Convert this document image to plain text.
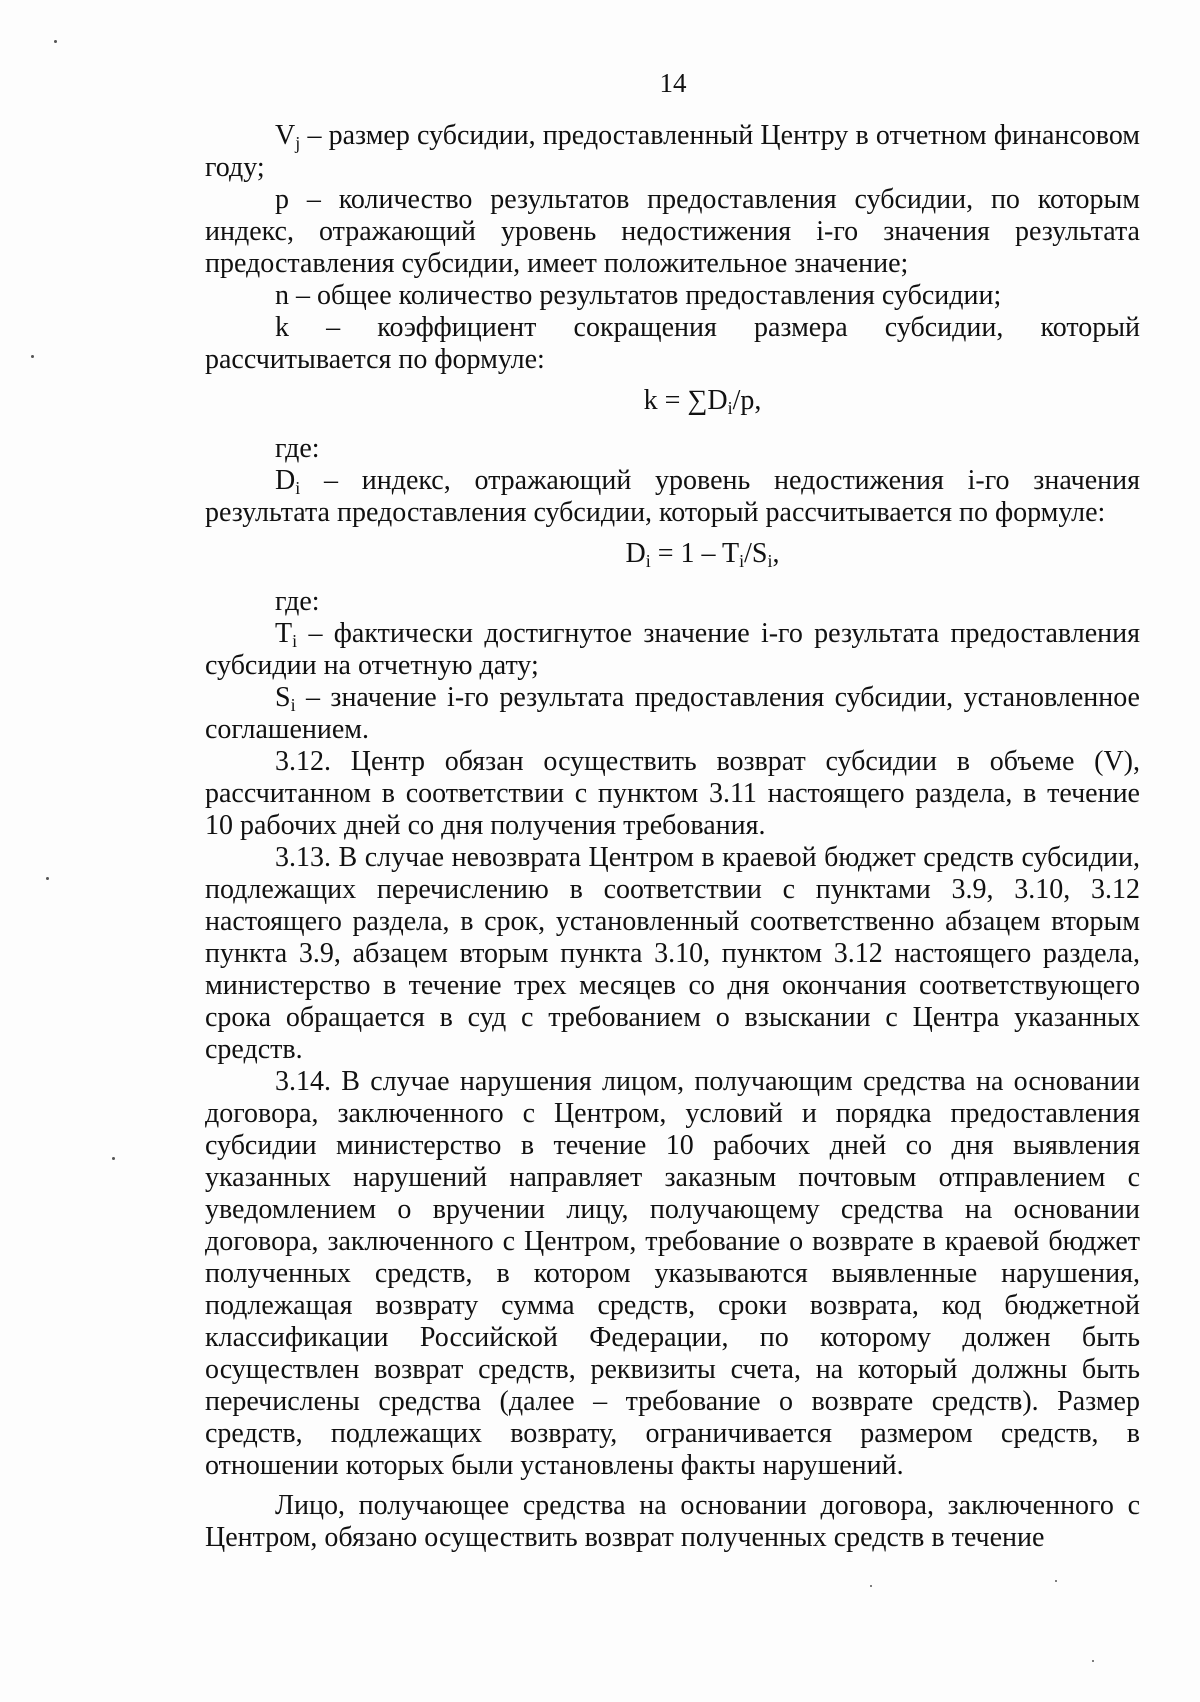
14

$V_j$ – размер субсидии, предоставленный Центру в отчетном финансовом году;

p – количество результатов предоставления субсидии, по которым индекс, отражающий уровень недостижения i-го значения результата предоставления субсидии, имеет положительное значение;

n – общее количество результатов предоставления субсидии;

k – коэффициент сокращения размера субсидии, который рассчитывается по формуле:

$k = \sum D_i/p$,

где:

$D_i$ – индекс, отражающий уровень недостижения i-го значения результата предоставления субсидии, который рассчитывается по формуле:

$D_i = 1 - T_i/S_i$,

где:

$T_i$ – фактически достигнутое значение i-го результата предоставления субсидии на отчетную дату;

$S_i$ – значение i-го результата предоставления субсидии, установленное соглашением.

3.12. Центр обязан осуществить возврат субсидии в объеме (V), рассчитанном в соответствии с пунктом 3.11 настоящего раздела, в течение 10 рабочих дней со дня получения требования.

3.13. В случае невозврата Центром в краевой бюджет средств субсидии, подлежащих перечислению в соответствии с пунктами 3.9, 3.10, 3.12 настоящего раздела, в срок, установленный соответственно абзацем вторым пункта 3.9, абзацем вторым пункта 3.10, пунктом 3.12 настоящего раздела, министерство в течение трех месяцев со дня окончания соответствующего срока обращается в суд с требованием о взыскании с Центра указанных средств.

3.14. В случае нарушения лицом, получающим средства на основании договора, заключенного с Центром, условий и порядка предоставления субсидии министерство в течение 10 рабочих дней со дня выявления указанных нарушений направляет заказным почтовым отправлением с уведомлением о вручении лицу, получающему средства на основании договора, заключенного с Центром, требование о возврате в краевой бюджет полученных средств, в котором указываются выявленные нарушения, подлежащая возврату сумма средств, сроки возврата, код бюджетной классификации Российской Федерации, по которому должен быть осуществлен возврат средств, реквизиты счета, на который должны быть перечислены средства (далее – требование о возврате средств). Размер средств, подлежащих возврату, ограничивается размером средств, в отношении которых были установлены факты нарушений.

Лицо, получающее средства на основании договора, заключенного с Центром, обязано осуществить возврат полученных средств в течение
